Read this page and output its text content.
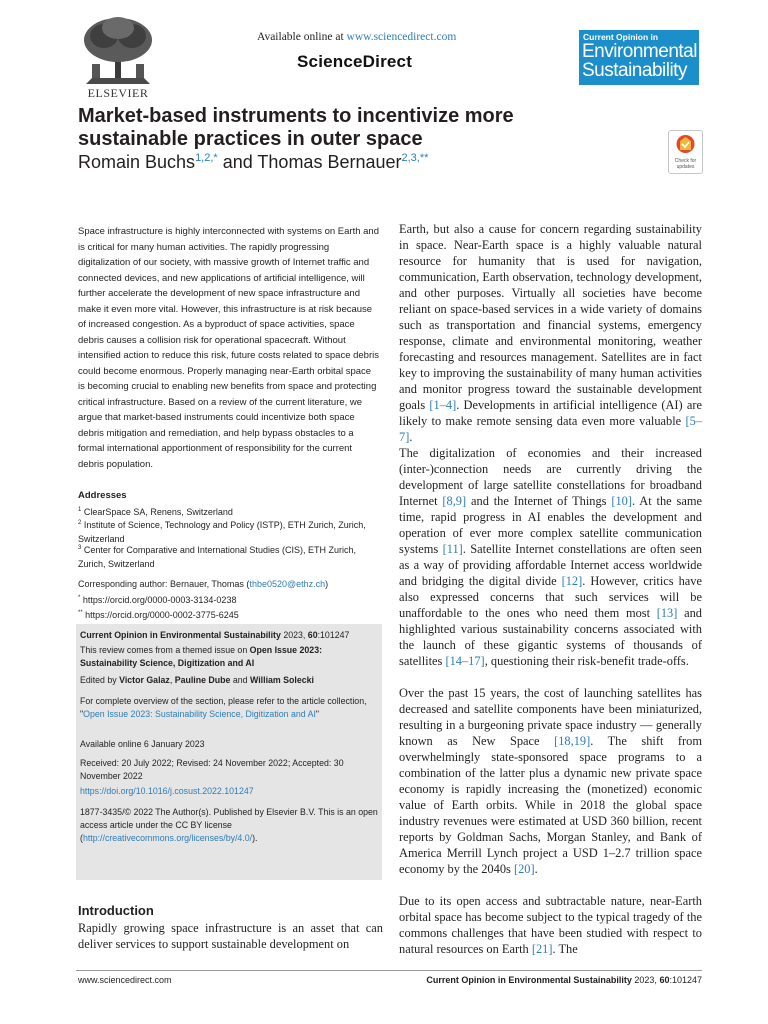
ELSEVIER
Available online at www.sciencedirect.com
ScienceDirect
Current Opinion in
Environmental
Sustainability
Market-based instruments to incentivize more sustainable practices in outer space
Romain Buchs$^{1,2,*}$ and Thomas Bernauer$^{2,3,**}$	Check for updates
Space infrastructure is highly interconnected with systems on Earth and is critical for many human activities. The rapidly progressing digitalization of our society, with massive growth of Internet traffic and connected devices, and new applications of artificial intelligence, will further accelerate the development of new space infrastructure and make it even more vital. However, this infrastructure is at risk because of increased congestion. As a byproduct of space activities, space debris causes a collision risk for operational spacecraft. Without intensified action to reduce this risk, future costs related to space debris could become enormous. Properly managing near-Earth orbital space is becoming crucial to enabling new benefits from space and protecting critical infrastructure. Based on a review of the current literature, we argue that market-based instruments could incentivize both space debris mitigation and remediation, and help bypass obstacles to a formal international apportionment of responsibility for the current debris population.
Addresses
$^1$ ClearSpace SA, Renens, Switzerland
$^2$ Institute of Science, Technology and Policy (ISTP), ETH Zurich, Zurich, Switzerland
$^3$ Center for Comparative and International Studies (CIS), ETH Zurich, Zurich, Switzerland
Corresponding author: Bernauer, Thomas (thbe0520@ethz.ch)
* https://orcid.org/0000-0003-3134-0238
** https://orcid.org/0000-0002-3775-6245
Current Opinion in Environmental Sustainability 2023, 60:101247
This review comes from a themed issue on Open Issue 2023: Sustainability Science, Digitization and AI
Edited by Victor Galaz, Pauline Dube and William Solecki
For complete overview of the section, please refer to the article collection, "Open Issue 2023: Sustainability Science, Digitization and AI"
Available online 6 January 2023
Received: 20 July 2022; Revised: 24 November 2022; Accepted: 30 November 2022
https://doi.org/10.1016/j.cosust.2022.101247
1877-3435/© 2022 The Author(s). Published by Elsevier B.V. This is an open access article under the CC BY license (http://creativecommons.org/licenses/by/4.0/).
Introduction
Rapidly growing space infrastructure is an asset that can deliver services to support sustainable development on
Earth, but also a cause for concern regarding sustainability in space. Near-Earth space is a highly valuable natural resource for humanity that is used for navigation, communication, Earth observation, technology development, and other purposes. Virtually all societies have become reliant on space-based services in a wide variety of domains such as transportation and financial systems, emergency response, climate and environmental monitoring, weather forecasting and resources management. Satellites are in fact key to improving the sustainability of many human activities and monitor progress toward the sustainable development goals [1–4]. Developments in artificial intelligence (AI) are likely to make remote sensing data even more valuable [5–7].
The digitalization of economies and their increased (inter-)connection needs are currently driving the development of large satellite constellations for broadband Internet [8,9] and the Internet of Things [10]. At the same time, rapid progress in AI enables the development and operation of ever more complex satellite communication systems [11]. Satellite Internet constellations are often seen as a way of providing affordable Internet access worldwide and bridging the digital divide [12]. However, critics have also expressed concerns that such services will be unaffordable to the ones who need them most [13] and highlighted various sustainability concerns associated with the launch of these gigantic systems of thousands of satellites [14–17], questioning their risk-benefit trade-offs.
Over the past 15 years, the cost of launching satellites has decreased and satellite components have been miniaturized, resulting in a burgeoning private space industry — generally known as New Space [18,19]. The shift from overwhelmingly state-sponsored space programs to a combination of the latter plus a dynamic new private space economy is rapidly increasing the (monetized) economic value of Earth orbits. While in 2018 the global space industry revenues were estimated at USD 360 billion, recent reports by Goldman Sachs, Morgan Stanley, and Bank of America Merrill Lynch project a USD 1–2.7 trillion space economy by the 2040s [20].
Due to its open access and subtractable nature, near-Earth orbital space has become subject to the typical tragedy of the commons challenges that have been studied with respect to natural resources on Earth [21]. The
www.sciencedirect.com	Current Opinion in Environmental Sustainability 2023, 60:101247
